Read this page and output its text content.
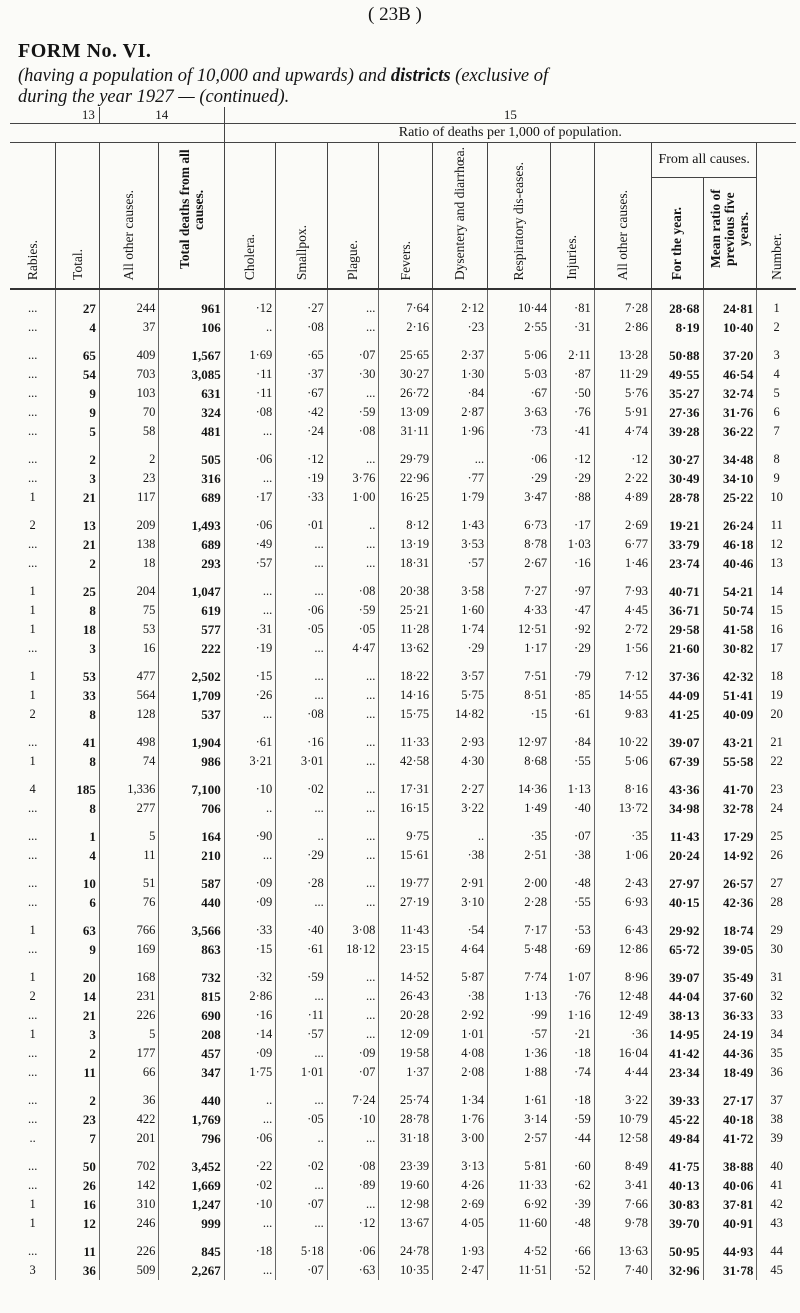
( 23B )
FORM No. VI.
(having a population of 10,000 and upwards) and districts (exclusive of
during the year 1927 — (continued).
13		14		15										
				Ratio of deaths per 1,000 of population.										
Rabies.	Total.	All other causes.	Total deaths from all causes.	Cholera.	Smallpox.	Plague.	Fevers.	Dysentery and diarrhœa.	Respiratory dis-eases.	Injuries.	All other causes.	From all causes.		Number.
												For the year.	Mean ratio of previous five years.	
...	27	244	961	·12	·27	...	7·64	2·12	10·44	·81	7·28	28·68	24·81	1
...	4	37	106	..	·08	...	2·16	·23	2·55	·31	2·86	8·19	10·40	2
...	65	409	1,567	1·69	·65	·07	25·65	2·37	5·06	2·11	13·28	50·88	37·20	3
...	54	703	3,085	·11	·37	·30	30·27	1·30	5·03	·87	11·29	49·55	46·54	4
...	9	103	631	·11	·67	...	26·72	·84	·67	·50	5·76	35·27	32·74	5
...	9	70	324	·08	·42	·59	13·09	2·87	3·63	·76	5·91	27·36	31·76	6
...	5	58	481	...	·24	·08	31·11	1·96	·73	·41	4·74	39·28	36·22	7
...	2	2	505	·06	·12	...	29·79	...	·06	·12	·12	30·27	34·48	8
...	3	23	316	...	·19	3·76	22·96	·77	·29	·29	2·22	30·49	34·10	9
1	21	117	689	·17	·33	1·00	16·25	1·79	3·47	·88	4·89	28·78	25·22	10
2	13	209	1,493	·06	·01	..	8·12	1·43	6·73	·17	2·69	19·21	26·24	11
...	21	138	689	·49	...	...	13·19	3·53	8·78	1·03	6·77	33·79	46·18	12
...	2	18	293	·57	...	...	18·31	·57	2·67	·16	1·46	23·74	40·46	13
1	25	204	1,047	...	...	·08	20·38	3·58	7·27	·97	7·93	40·71	54·21	14
1	8	75	619	...	·06	·59	25·21	1·60	4·33	·47	4·45	36·71	50·74	15
1	18	53	577	·31	·05	·05	11·28	1·74	12·51	·92	2·72	29·58	41·58	16
...	3	16	222	·19	...	4·47	13·62	·29	1·17	·29	1·56	21·60	30·82	17
1	53	477	2,502	·15	...	...	18·22	3·57	7·51	·79	7·12	37·36	42·32	18
1	33	564	1,709	·26	...	...	14·16	5·75	8·51	·85	14·55	44·09	51·41	19
2	8	128	537	...	·08	...	15·75	14·82	·15	·61	9·83	41·25	40·09	20
...	41	498	1,904	·61	·16	...	11·33	2·93	12·97	·84	10·22	39·07	43·21	21
1	8	74	986	3·21	3·01	...	42·58	4·30	8·68	·55	5·06	67·39	55·58	22
4	185	1,336	7,100	·10	·02	...	17·31	2·27	14·36	1·13	8·16	43·36	41·70	23
...	8	277	706	..	...	...	16·15	3·22	1·49	·40	13·72	34·98	32·78	24
...	1	5	164	·90	..	...	9·75	..	·35	·07	·35	11·43	17·29	25
...	4	11	210	...	·29	...	15·61	·38	2·51	·38	1·06	20·24	14·92	26
...	10	51	587	·09	·28	...	19·77	2·91	2·00	·48	2·43	27·97	26·57	27
...	6	76	440	·09	...	...	27·19	3·10	2·28	·55	6·93	40·15	42·36	28
1	63	766	3,566	·33	·40	3·08	11·43	·54	7·17	·53	6·43	29·92	18·74	29
...	9	169	863	·15	·61	18·12	23·15	4·64	5·48	·69	12·86	65·72	39·05	30
1	20	168	732	·32	·59	...	14·52	5·87	7·74	1·07	8·96	39·07	35·49	31
2	14	231	815	2·86	...	...	26·43	·38	1·13	·76	12·48	44·04	37·60	32
...	21	226	690	·16	·11	...	20·28	2·92	·99	1·16	12·49	38·13	36·33	33
1	3	5	208	·14	·57	...	12·09	1·01	·57	·21	·36	14·95	24·19	34
...	2	177	457	·09	...	·09	19·58	4·08	1·36	·18	16·04	41·42	44·36	35
...	11	66	347	1·75	1·01	·07	1·37	2·08	1·88	·74	4·44	23·34	18·49	36
...	2	36	440	..	...	7·24	25·74	1·34	1·61	·18	3·22	39·33	27·17	37
...	23	422	1,769	...	·05	·10	28·78	1·76	3·14	·59	10·79	45·22	40·18	38
..	7	201	796	·06	..	...	31·18	3·00	2·57	·44	12·58	49·84	41·72	39
...	50	702	3,452	·22	·02	·08	23·39	3·13	5·81	·60	8·49	41·75	38·88	40
...	26	142	1,669	·02	...	·89	19·60	4·26	11·33	·62	3·41	40·13	40·06	41
1	16	310	1,247	·10	·07	...	12·98	2·69	6·92	·39	7·66	30·83	37·81	42
1	12	246	999	...	...	·12	13·67	4·05	11·60	·48	9·78	39·70	40·91	43
...	11	226	845	·18	5·18	·06	24·78	1·93	4·52	·66	13·63	50·95	44·93	44
3	36	509	2,267	...	·07	·63	10·35	2·47	11·51	·52	7·40	32·96	31·78	45
